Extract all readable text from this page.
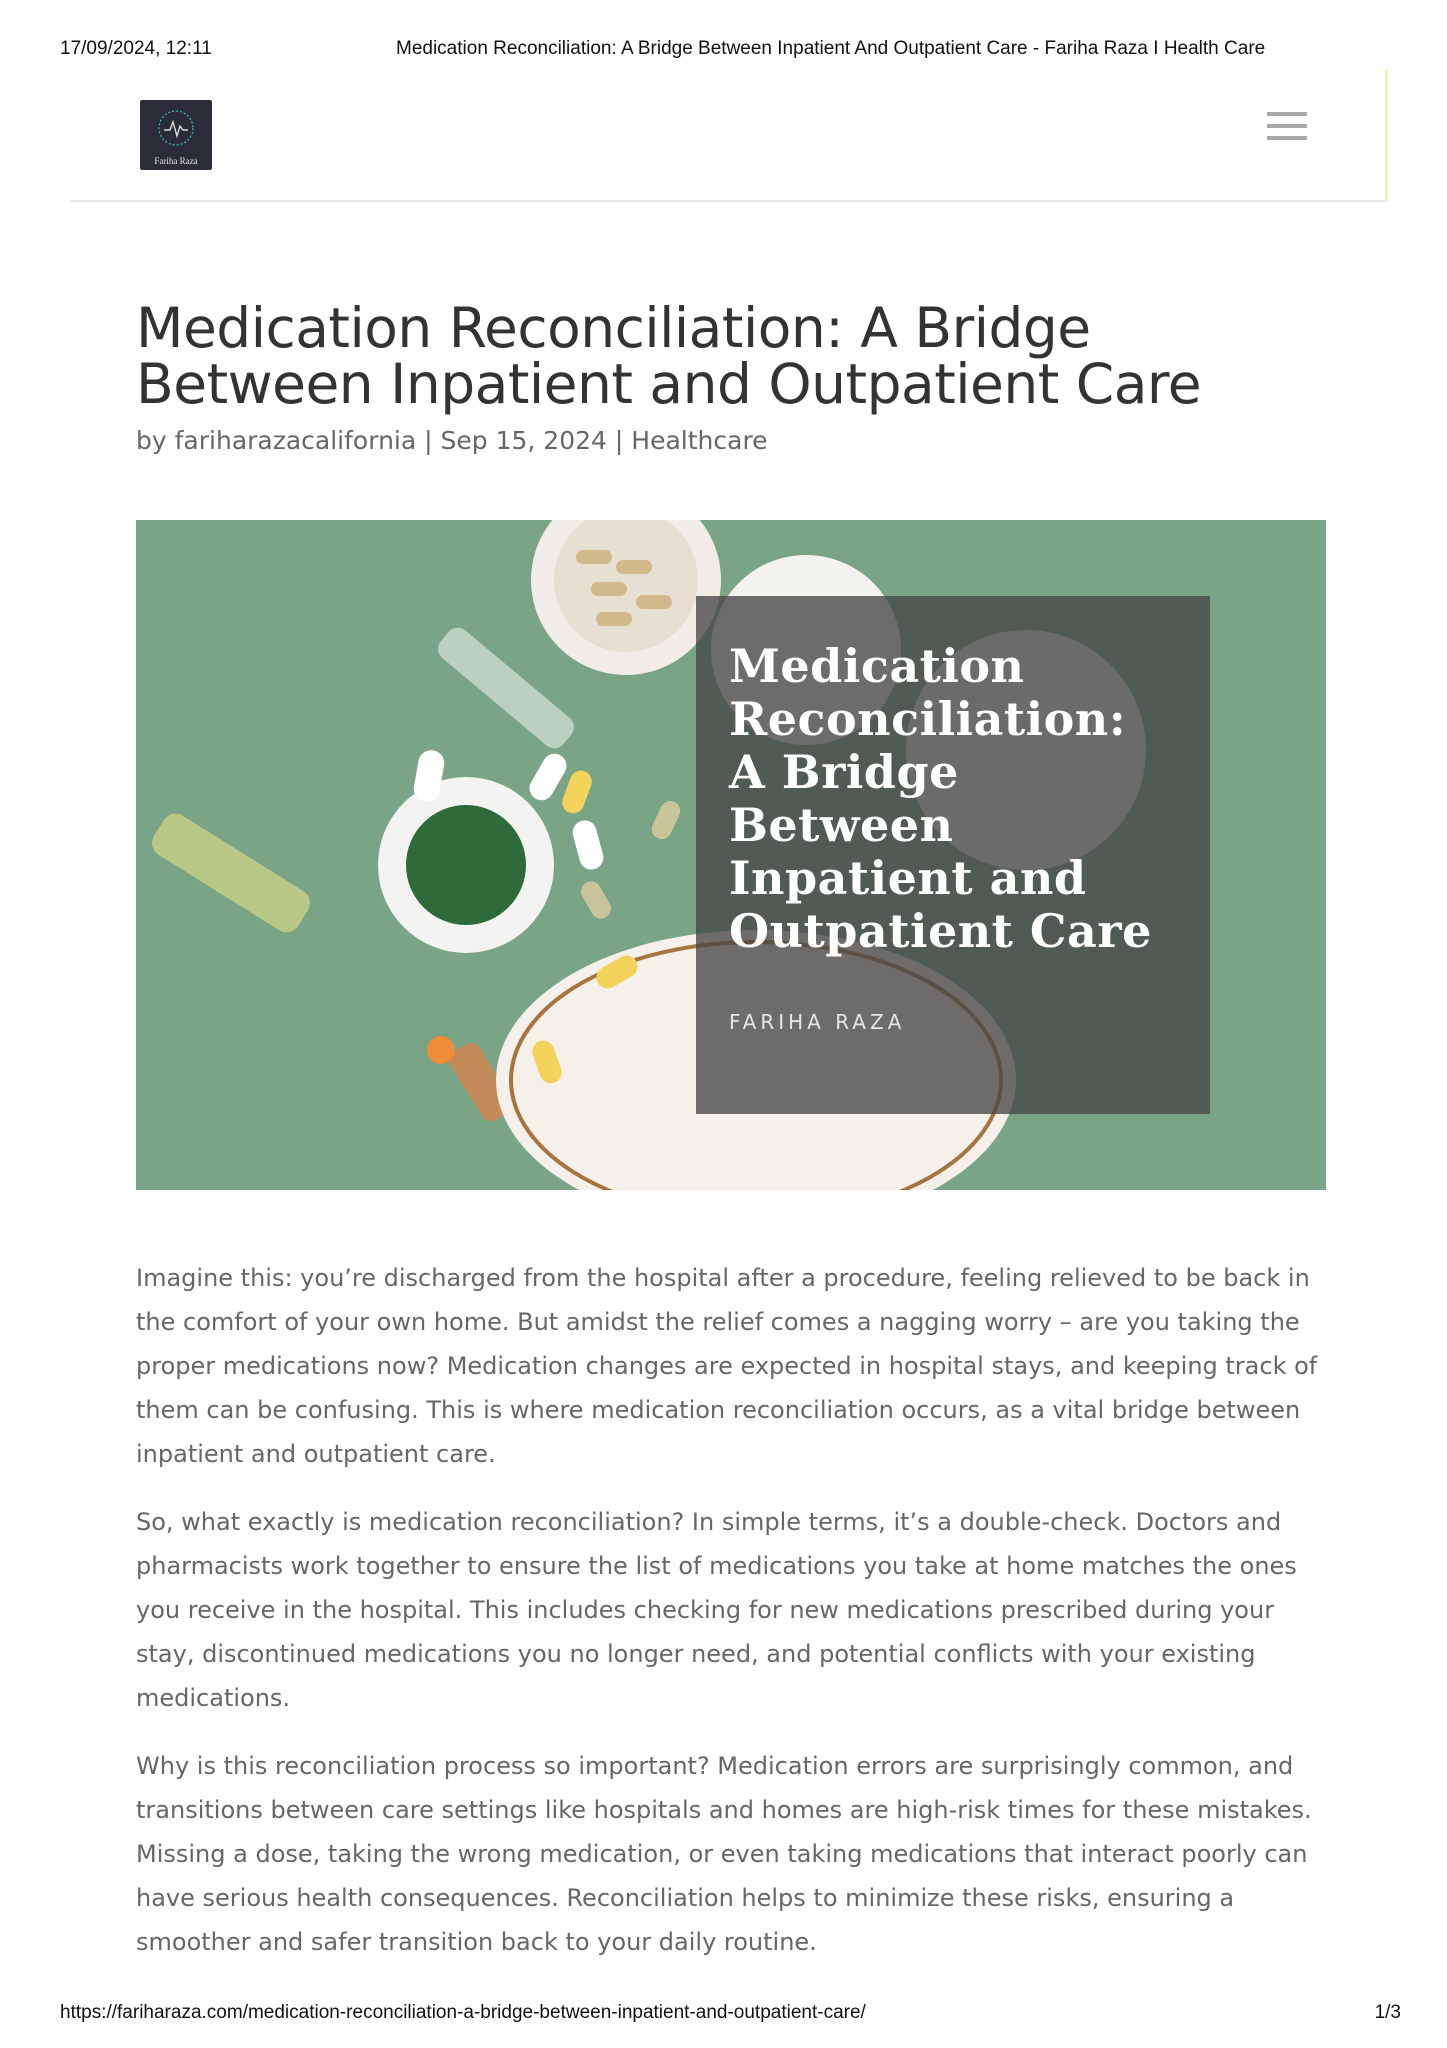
17/09/2024, 12:11	Medication Reconciliation: A Bridge Between Inpatient And Outpatient Care - Fariha Raza I Health Care
Fariha Raza
Medication Reconciliation: A Bridge Between Inpatient and Outpatient Care
by fariharazacalifornia | Sep 15, 2024 | Healthcare
Medication
Reconciliation:
A Bridge
Between
Inpatient and
Outpatient Care
FARIHA RAZA

Imagine this: you’re discharged from the hospital after a procedure, feeling relieved to be back in the comfort of your own home. But amidst the relief comes a nagging worry – are you taking the proper medications now? Medication changes are expected in hospital stays, and keeping track of them can be confusing. This is where medication reconciliation occurs, as a vital bridge between inpatient and outpatient care.

So, what exactly is medication reconciliation? In simple terms, it’s a double-check. Doctors and pharmacists work together to ensure the list of medications you take at home matches the ones you receive in the hospital. This includes checking for new medications prescribed during your stay, discontinued medications you no longer need, and potential conflicts with your existing medications.

Why is this reconciliation process so important? Medication errors are surprisingly common, and transitions between care settings like hospitals and homes are high-risk times for these mistakes. Missing a dose, taking the wrong medication, or even taking medications that interact poorly can have serious health consequences. Reconciliation helps to minimize these risks, ensuring a smoother and safer transition back to your daily routine.

https://fariharaza.com/medication-reconciliation-a-bridge-between-inpatient-and-outpatient-care/	1/3
